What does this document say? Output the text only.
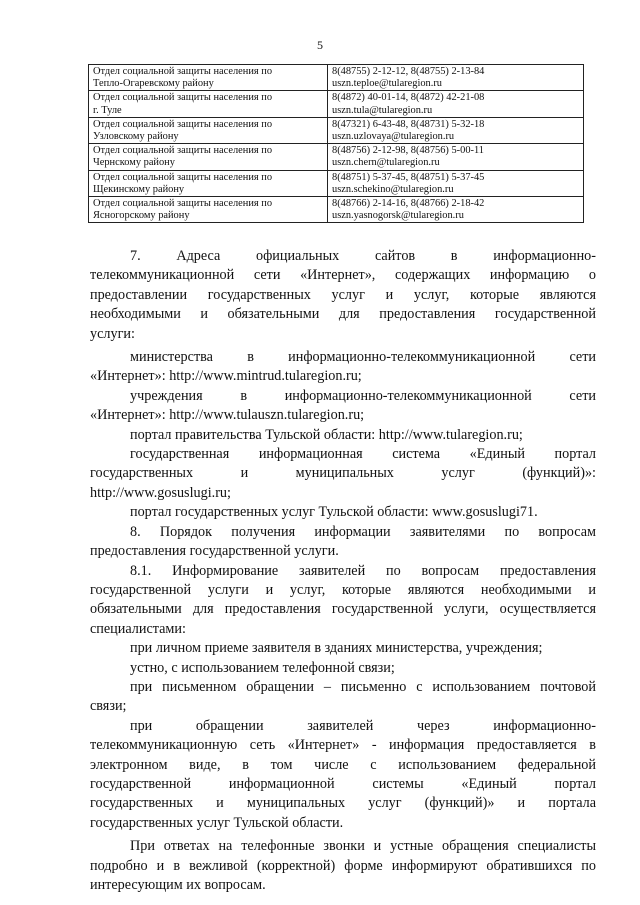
5
Отдел социальной защиты населения по
Тепло-Огаревскому району	8(48755) 2-12-12, 8(48755) 2-13-84
uszn.teploe@tularegion.ru

Отдел социальной защиты населения по
г. Туле	8(4872) 40-01-14, 8(4872) 42-21-08
uszn.tula@tularegion.ru

Отдел социальной защиты населения по
Узловскому району	8(47321) 6-43-48, 8(48731) 5-32-18
uszn.uzlovaya@tularegion.ru

Отдел социальной защиты населения по
Чернскому району	8(48756) 2-12-98, 8(48756) 5-00-11
uszn.chern@tularegion.ru

Отдел социальной защиты населения по
Щекинскому району	8(48751) 5-37-45, 8(48751) 5-37-45
uszn.schekino@tularegion.ru

Отдел социальной защиты населения по
Ясногорскому району	8(48766) 2-14-16, 8(48766) 2-18-42
uszn.yasnogorsk@tularegion.ru

7. Адреса официальных сайтов в информационно-

телекоммуникационной сети «Интернет», содержащих информацию о

предоставлении государственных услуг и услуг, которые являются

необходимыми и обязательными для предоставления государственной

услуги:

министерства в информационно-телекоммуникационной сети

«Интернет»: http://www.mintrud.tularegion.ru;

учреждения в информационно-телекоммуникационной сети

«Интернет»: http://www.tulauszn.tularegion.ru;

портал правительства Тульской области: http://www.tularegion.ru;

государственная информационная система «Единый портал

государственных и муниципальных услуг (функций)»:

http://www.gosuslugi.ru;

портал государственных услуг Тульской области: www.gosuslugi71.

8. Порядок получения информации заявителями по вопросам

предоставления государственной услуги.

8.1. Информирование заявителей по вопросам предоставления

государственной услуги и услуг, которые являются необходимыми и

обязательными для предоставления государственной услуги, осуществляется

специалистами:

при личном приеме заявителя в зданиях министерства, учреждения;

устно, с использованием телефонной связи;

при письменном обращении – письменно с использованием почтовой

связи;

при обращении заявителей через информационно-

телекоммуникационную сеть «Интернет» - информация предоставляется в

электронном виде, в том числе с использованием федеральной

государственной информационной системы «Единый портал

государственных и муниципальных услуг (функций)» и портала

государственных услуг Тульской области.

При ответах на телефонные звонки и устные обращения специалисты

подробно и в вежливой (корректной) форме информируют обратившихся по

интересующим их вопросам.
